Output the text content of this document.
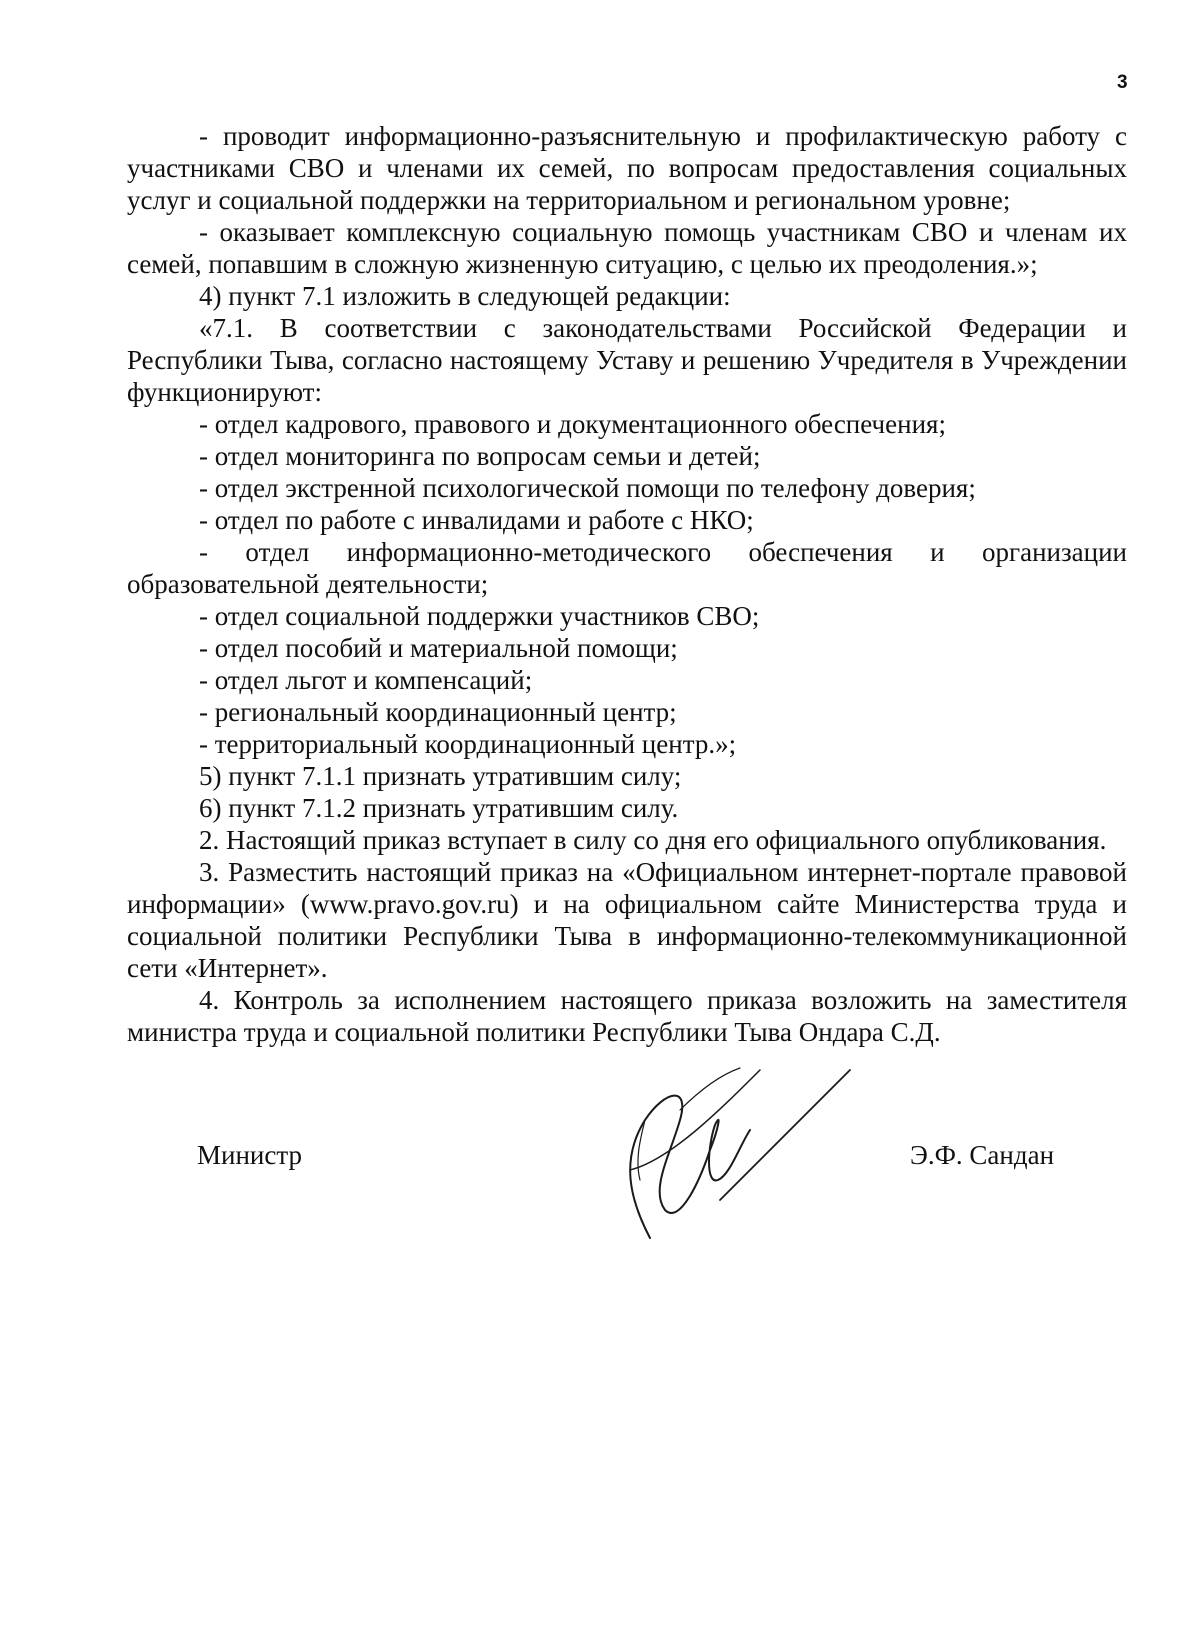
3

- проводит информационно-разъяснительную и профилактическую работу с участниками СВО и членами их семей, по вопросам предоставления социальных услуг и социальной поддержки на территориальном и региональном уровне;

- оказывает комплексную социальную помощь участникам СВО и членам их семей, попавшим в сложную жизненную ситуацию, с целью их преодоления.»;

4) пункт 7.1 изложить в следующей редакции:

«7.1. В соответствии с законодательствами Российской Федерации и Республики Тыва, согласно настоящему Уставу и решению Учредителя в Учреждении функционируют:

- отдел кадрового, правового и документационного обеспечения;

- отдел мониторинга по вопросам семьи и детей;

- отдел экстренной психологической помощи по телефону доверия;

- отдел по работе с инвалидами и работе с НКО;

- отдел информационно-методического обеспечения и организации образовательной деятельности;

- отдел социальной поддержки участников СВО;

- отдел пособий и материальной помощи;

- отдел льгот и компенсаций;

- региональный координационный центр;

- территориальный координационный центр.»;

5) пункт 7.1.1 признать утратившим силу;

6) пункт 7.1.2 признать утратившим силу.

2. Настоящий приказ вступает в силу со дня его официального опубликования.

3. Разместить настоящий приказ на «Официальном интернет-портале правовой информации» (www.pravo.gov.ru) и на официальном сайте Министерства труда и социальной политики Республики Тыва в информационно-телекоммуникационной сети «Интернет».

4. Контроль за исполнением настоящего приказа возложить на заместителя министра труда и социальной политики Республики Тыва Ондара С.Д.

Министр	Э.Ф. Сандан
